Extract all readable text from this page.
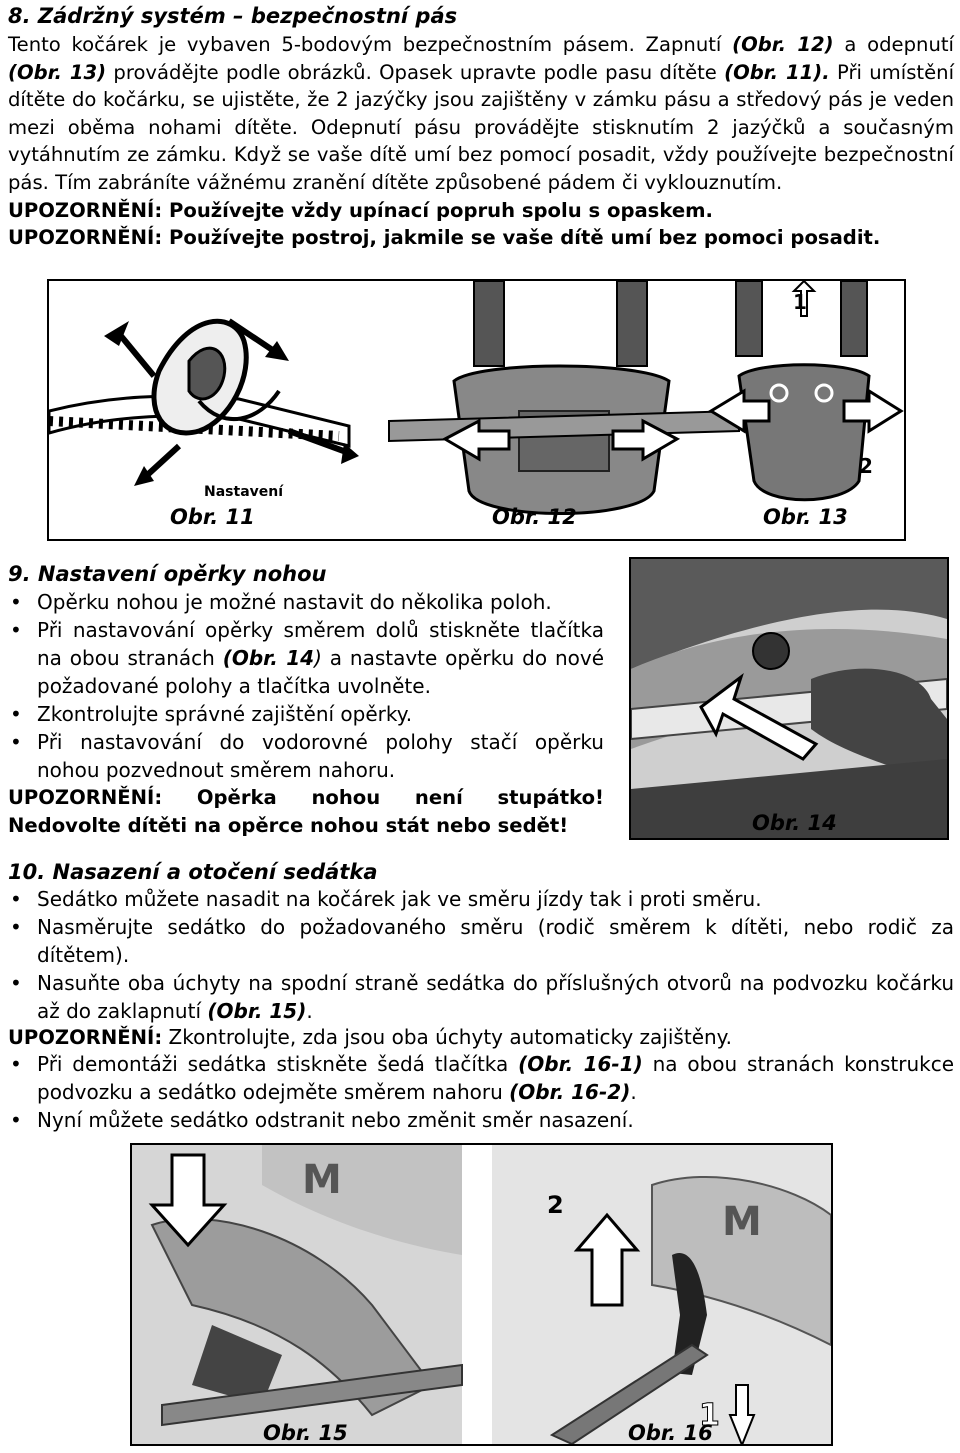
8. Zádržný systém – bezpečnostní pás
Tento kočárek je vybaven 5-bodovým bezpečnostním pásem. Zapnutí (Obr. 12) a odepnutí (Obr. 13) provádějte podle obrázků. Opasek upravte podle pasu dítěte (Obr. 11). Při umístění dítěte do kočárku, se ujistěte, že 2 jazýčky jsou zajištěny v zámku pásu a středový pás je veden mezi oběma nohami dítěte. Odepnutí pásu provádějte stisknutím 2 jazýčků a současným vytáhnutím ze zámku. Když se vaše dítě umí bez pomocí posadit, vždy používejte bezpečnostní pás. Tím zabráníte vážnému zranění dítěte způsobené pádem či vyklouznutím.
UPOZORNĚNÍ: Používejte vždy upínací popruh spolu s opaskem.
UPOZORNĚNÍ: Používejte postroj, jakmile se vaše dítě umí bez pomoci posadit.
Nastavení
1
2
Obr. 11	Obr. 12	Obr. 13
9. Nastavení opěrky nohou
• Opěrku nohou je možné nastavit do několika poloh.
• Při nastavování opěrky směrem dolů stiskněte tlačítka na obou stranách (Obr. 14) a nastavte opěrku do nové požadované polohy a tlačítka uvolněte.
• Zkontrolujte správné zajištění opěrky.
• Při nastavování do vodorovné polohy stačí opěrku nohou pozvednout směrem nahoru.
UPOZORNĚNÍ: Opěrka nohou není stupátko!
Nedovolte dítěti na opěrce nohou stát nebo sedět!	Obr. 14
10. Nasazení a otočení sedátka
• Sedátko můžete nasadit na kočárek jak ve směru jízdy tak i proti směru.
• Nasměrujte sedátko do požadovaného směru (rodič směrem k dítěti, nebo rodič za dítětem).
• Nasuňte oba úchyty na spodní straně sedátka do příslušných otvorů na podvozku kočárku až do zaklapnutí (Obr. 15).
UPOZORNĚNÍ: Zkontrolujte, zda jsou oba úchyty automaticky zajištěny.
• Při demontáži sedátka stiskněte šedá tlačítka (Obr. 16-1) na obou stranách konstrukce podvozku a sedátko odejměte směrem nahoru (Obr. 16-2).
• Nyní můžete sedátko odstranit nebo změnit směr nasazení.
M
M
2
1
Obr. 15	Obr. 16
